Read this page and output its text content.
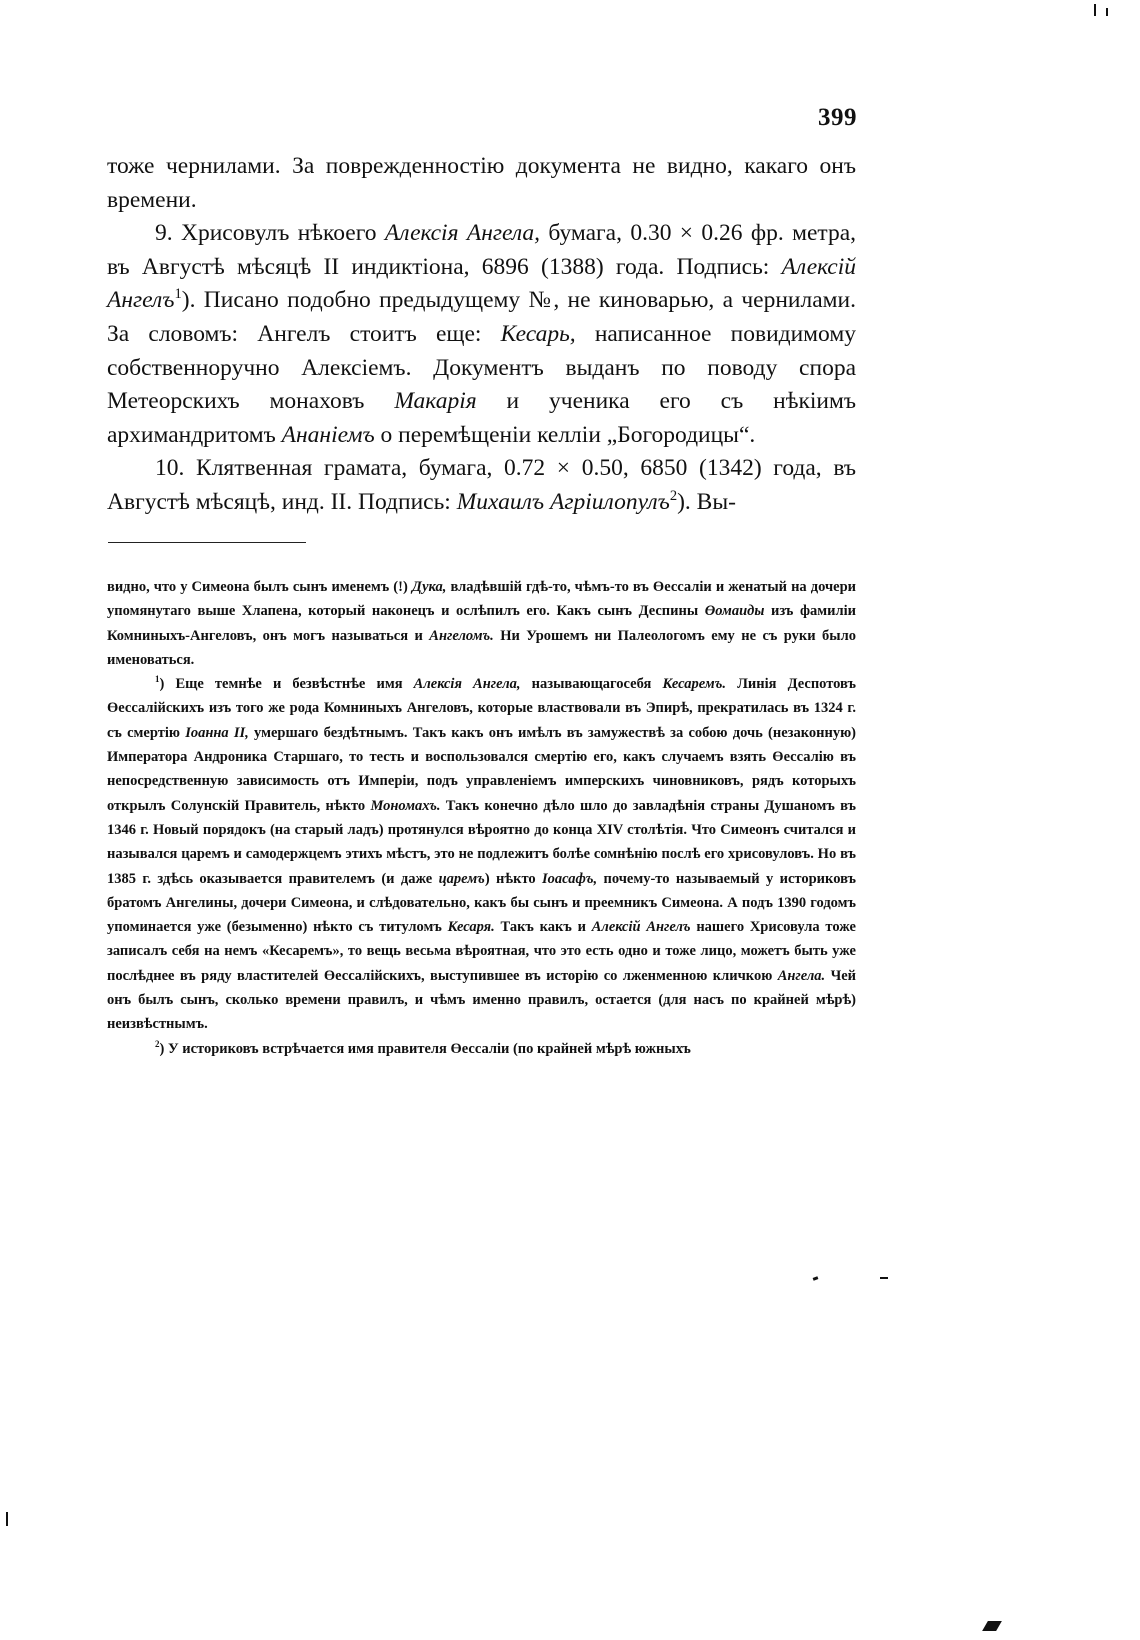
399

тоже чернилами. За поврежденностію документа не видно, какаго онъ времени.

9. Хрисовулъ нѣкоего Алексія Ангела, бумага, 0.30 × 0.26 фр. метра, въ Августѣ мѣсяцѣ II индиктіона, 6896 (1388) года. Подпись: Алексій Ангелъ$^1$). Писано подобно предыдущему №, не киноварью, а чернилами. За словомъ: Ангелъ стоитъ еще: Кесарь, написанное повидимому собственноручно Алексіемъ. Документъ выданъ по поводу спора Метеорскихъ монаховъ Макарія и ученика его съ нѣкіимъ архимандритомъ Ананіемъ о перемѣщеніи келліи „Богородицы“.

10. Клятвенная грамата, бумага, 0.72 × 0.50, 6850 (1342) года, въ Августѣ мѣсяцѣ, инд. II. Подпись: Михаилъ Агріилопулъ$^2$). Вы-

видно, что у Симеона былъ сынъ именемъ (!) Дука, владѣвшій гдѣ-то, чѣмъ-то въ Өессаліи и женатый на дочери упомянутаго выше Хлапена, который наконецъ и ослѣпилъ его. Какъ сынъ Деспины Өомаиды изъ фамиліи Комниныхъ-Ангеловъ, онъ могъ называться и Ангеломъ. Ни Урошемъ ни Палеологомъ ему не съ руки было именоваться.

$^1$) Еще темнѣе и безвѣстнѣе имя Алексія Ангела, называющагосебя Кесаремъ. Линія Деспотовъ Өессалійскихъ изъ того же рода Комниныхъ Ангеловъ, которые властвовали въ Эпирѣ, прекратилась въ 1324 г. съ смертію Іоанна II, умершаго бездѣтнымъ. Такъ какъ онъ имѣлъ въ замужествѣ за собою дочь (незаконную) Императора Андроника Старшаго, то тесть и воспользовался смертію его, какъ случаемъ взять Өессалію въ непосредственную зависимость отъ Имперіи, подъ управленіемъ имперскихъ чиновниковъ, рядъ которыхъ открылъ Солунскій Правитель, нѣкто Мономахъ. Такъ конечно дѣло шло до завладѣнія страны Душаномъ въ 1346 г. Новый порядокъ (на старый ладъ) протянулся вѣроятно до конца XIV столѣтія. Что Симеонъ считался и назывался царемъ и самодержцемъ этихъ мѣстъ, это не подлежитъ болѣе сомнѣнію послѣ его хрисовуловъ. Но въ 1385 г. здѣсь оказывается правителемъ (и даже царемъ) нѣкто Іоасафъ, почему-то называемый у историковъ братомъ Ангелины, дочери Симеона, и слѣдовательно, какъ бы сынъ и преемникъ Симеона. А подъ 1390 годомъ упоминается уже (безыменно) нѣкто съ титуломъ Кесаря. Такъ какъ и Алексій Ангелъ нашего Хрисовула тоже записалъ себя на немъ «Кесаремъ», то вещь весьма вѣроятная, что это есть одно и тоже лицо, можетъ быть уже послѣднее въ ряду властителей Өессалійскихъ, выступившее въ исторію со лженменною кличкою Ангела. Чей онъ былъ сынъ, сколько времени правилъ, и чѣмъ именно правилъ, остается (для насъ по крайней мѣрѣ) неизвѣстнымъ.

$^2$) У историковъ встрѣчается имя правителя Өессаліи (по крайней мѣрѣ южныхъ
